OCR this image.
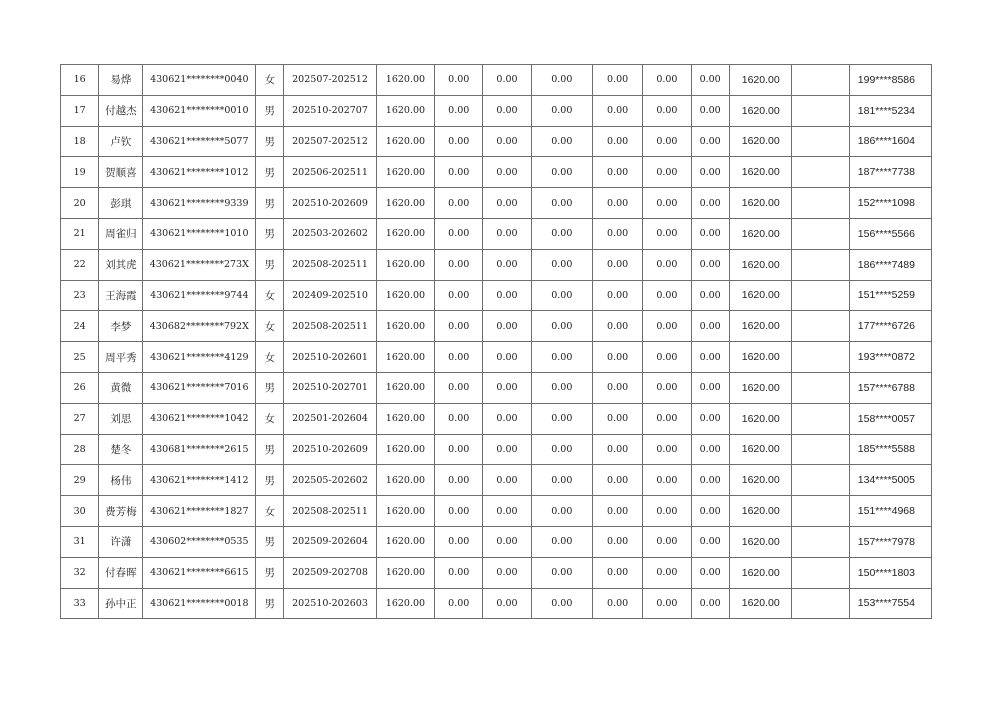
16	易烨	430621********0040	女	202507-202512	1620.00	0.00	0.00	0.00	0.00	0.00	0.00	1620.00		199****8586
17	付越杰	430621********0010	男	202510-202707	1620.00	0.00	0.00	0.00	0.00	0.00	0.00	1620.00		181****5234
18	卢钦	430621********5077	男	202507-202512	1620.00	0.00	0.00	0.00	0.00	0.00	0.00	1620.00		186****1604
19	贺顺喜	430621********1012	男	202506-202511	1620.00	0.00	0.00	0.00	0.00	0.00	0.00	1620.00		187****7738
20	彭琪	430621********9339	男	202510-202609	1620.00	0.00	0.00	0.00	0.00	0.00	0.00	1620.00		152****1098
21	周雀归	430621********1010	男	202503-202602	1620.00	0.00	0.00	0.00	0.00	0.00	0.00	1620.00		156****5566
22	刘其虎	430621********273X	男	202508-202511	1620.00	0.00	0.00	0.00	0.00	0.00	0.00	1620.00		186****7489
23	王海霞	430621********9744	女	202409-202510	1620.00	0.00	0.00	0.00	0.00	0.00	0.00	1620.00		151****5259
24	李梦	430682********792X	女	202508-202511	1620.00	0.00	0.00	0.00	0.00	0.00	0.00	1620.00		177****6726
25	周平秀	430621********4129	女	202510-202601	1620.00	0.00	0.00	0.00	0.00	0.00	0.00	1620.00		193****0872
26	黄微	430621********7016	男	202510-202701	1620.00	0.00	0.00	0.00	0.00	0.00	0.00	1620.00		157****6788
27	刘思	430621********1042	女	202501-202604	1620.00	0.00	0.00	0.00	0.00	0.00	0.00	1620.00		158****0057
28	楚冬	430681********2615	男	202510-202609	1620.00	0.00	0.00	0.00	0.00	0.00	0.00	1620.00		185****5588
29	杨伟	430621********1412	男	202505-202602	1620.00	0.00	0.00	0.00	0.00	0.00	0.00	1620.00		134****5005
30	费芳梅	430621********1827	女	202508-202511	1620.00	0.00	0.00	0.00	0.00	0.00	0.00	1620.00		151****4968
31	许潇	430602********0535	男	202509-202604	1620.00	0.00	0.00	0.00	0.00	0.00	0.00	1620.00		157****7978
32	付春晖	430621********6615	男	202509-202708	1620.00	0.00	0.00	0.00	0.00	0.00	0.00	1620.00		150****1803
33	孙中正	430621********0018	男	202510-202603	1620.00	0.00	0.00	0.00	0.00	0.00	0.00	1620.00		153****7554
